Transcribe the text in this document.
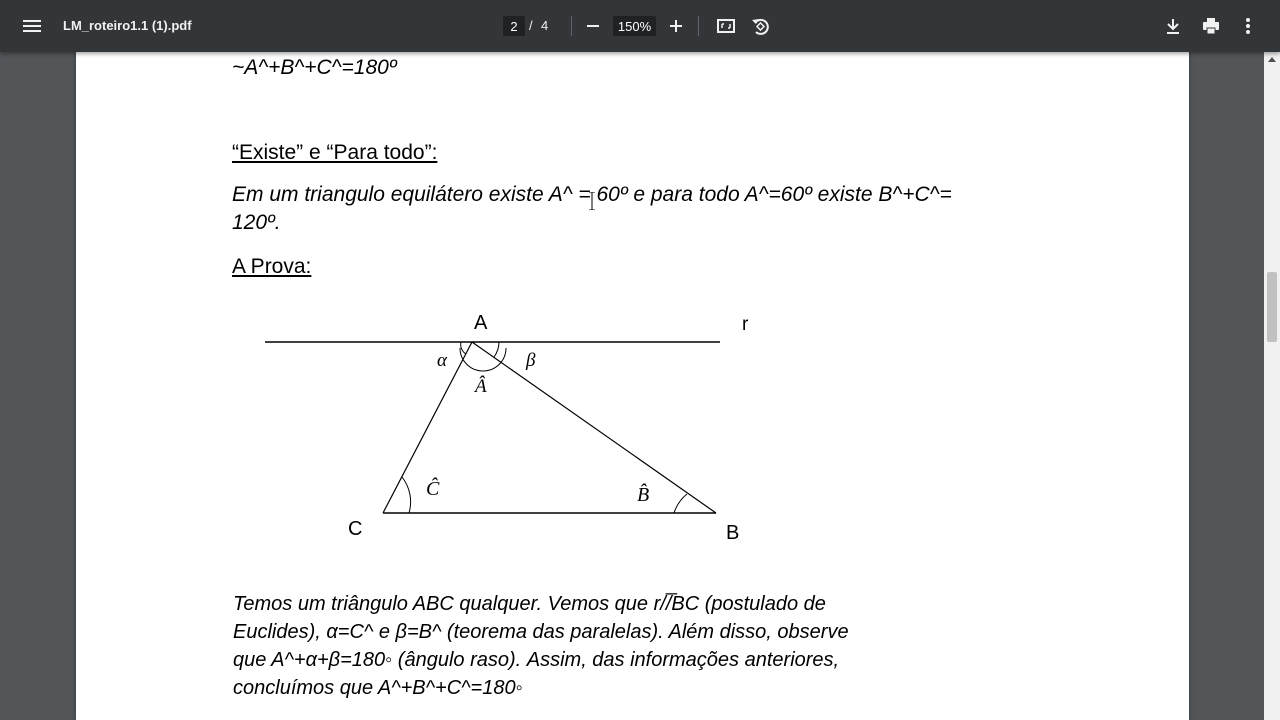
LM_roteiro1.1 (1).pdf
2	/ 4
150%
~A^+B^+C^=180º
“Existe” e “Para todo”:
Em um triangulo equilátero existe A^ = 60º e para todo A^=60º existe B^+C^=
120º.
A Prova:
A	r
α	β
Â
Ĉ	B̂
C	B
Temos um triângulo ABC qualquer. Vemos que r//̅BC (postulado de
Euclides), α=C^ e β=B^ (teorema das paralelas). Além disso, observe
que A^+α+β=180◦ (ângulo raso). Assim, das informações anteriores,
concluímos que A^+B^+C^=180◦
